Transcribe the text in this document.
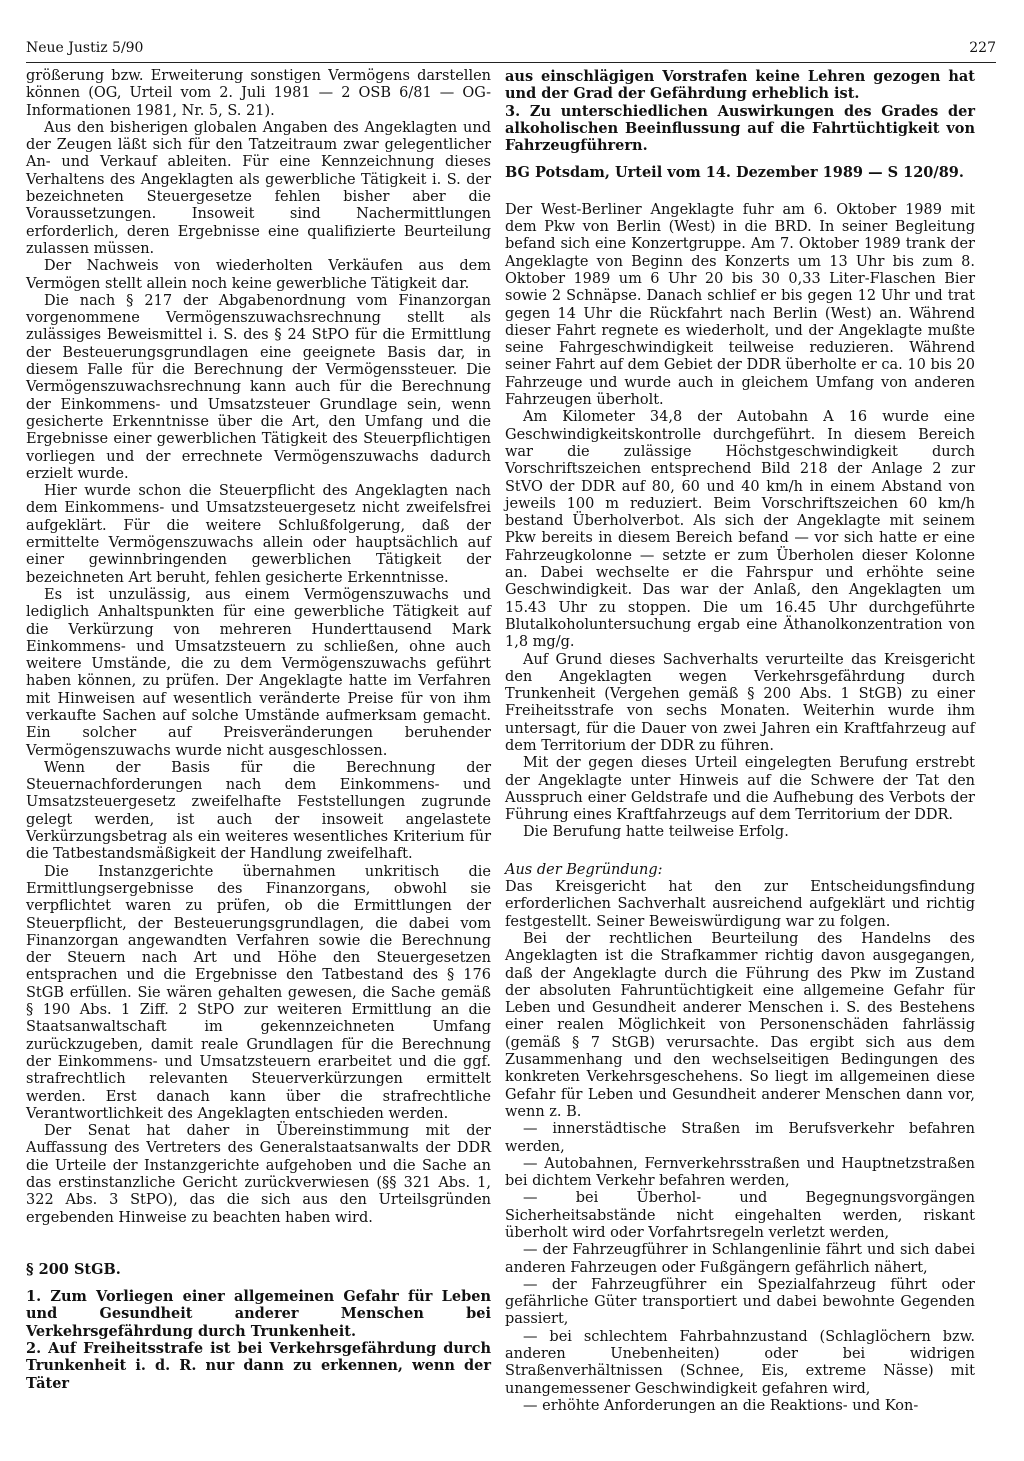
Neue Justiz 5/90	227

größerung bzw. Erweiterung sonstigen Vermögens darstellen können (OG, Urteil vom 2. Juli 1981 — 2 OSB 6/81 — OG-Informationen 1981, Nr. 5, S. 21).

Aus den bisherigen globalen Angaben des Angeklagten und der Zeugen läßt sich für den Tatzeitraum zwar gelegentlicher An- und Verkauf ableiten. Für eine Kennzeichnung dieses Verhaltens des Angeklagten als gewerbliche Tätigkeit i. S. der bezeichneten Steuergesetze fehlen bisher aber die Voraussetzungen. Insoweit sind Nachermittlungen erforderlich, deren Ergebnisse eine qualifizierte Beurteilung zulassen müssen.

Der Nachweis von wiederholten Verkäufen aus dem Vermögen stellt allein noch keine gewerbliche Tätigkeit dar.

Die nach § 217 der Abgabenordnung vom Finanzorgan vorgenommene Vermögenszuwachsrechnung stellt als zulässiges Beweismittel i. S. des § 24 StPO für die Ermittlung der Besteuerungsgrundlagen eine geeignete Basis dar, in diesem Falle für die Berechnung der Vermögenssteuer. Die Vermögenszuwachsrechnung kann auch für die Berechnung der Einkommens- und Umsatzsteuer Grundlage sein, wenn gesicherte Erkenntnisse über die Art, den Umfang und die Ergebnisse einer gewerblichen Tätigkeit des Steuerpflichtigen vorliegen und der errechnete Vermögenszuwachs dadurch erzielt wurde.

Hier wurde schon die Steuerpflicht des Angeklagten nach dem Einkommens- und Umsatzsteuergesetz nicht zweifelsfrei aufgeklärt. Für die weitere Schlußfolgerung, daß der ermittelte Vermögenszuwachs allein oder hauptsächlich auf einer gewinnbringenden gewerblichen Tätigkeit der bezeichneten Art beruht, fehlen gesicherte Erkenntnisse.

Es ist unzulässig, aus einem Vermögenszuwachs und lediglich Anhaltspunkten für eine gewerbliche Tätigkeit auf die Verkürzung von mehreren Hunderttausend Mark Einkommens- und Umsatzsteuern zu schließen, ohne auch weitere Umstände, die zu dem Vermögenszuwachs geführt haben können, zu prüfen. Der Angeklagte hatte im Verfahren mit Hinweisen auf wesentlich veränderte Preise für von ihm verkaufte Sachen auf solche Umstände aufmerksam gemacht. Ein solcher auf Preisveränderungen beruhender Vermögenszuwachs wurde nicht ausgeschlossen.

Wenn der Basis für die Berechnung der Steuernachforderungen nach dem Einkommens- und Umsatzsteuergesetz zweifelhafte Feststellungen zugrunde gelegt werden, ist auch der insoweit angelastete Verkürzungsbetrag als ein weiteres wesentliches Kriterium für die Tatbestandsmäßigkeit der Handlung zweifelhaft.

Die Instanzgerichte übernahmen unkritisch die Ermittlungsergebnisse des Finanzorgans, obwohl sie verpflichtet waren zu prüfen, ob die Ermittlungen der Steuerpflicht, der Besteuerungsgrundlagen, die dabei vom Finanzorgan angewandten Verfahren sowie die Berechnung der Steuern nach Art und Höhe den Steuergesetzen entsprachen und die Ergebnisse den Tatbestand des § 176 StGB erfüllen. Sie wären gehalten gewesen, die Sache gemäß § 190 Abs. 1 Ziff. 2 StPO zur weiteren Ermittlung an die Staatsanwaltschaft im gekennzeichneten Umfang zurückzugeben, damit reale Grundlagen für die Berechnung der Einkommens- und Umsatzsteuern erarbeitet und die ggf. strafrechtlich relevanten Steuerverkürzungen ermittelt werden. Erst danach kann über die strafrechtliche Verantwortlichkeit des Angeklagten entschieden werden.

Der Senat hat daher in Übereinstimmung mit der Auffassung des Vertreters des Generalstaatsanwalts der DDR die Urteile der Instanzgerichte aufgehoben und die Sache an das erstinstanzliche Gericht zurückverwiesen (§§ 321 Abs. 1, 322 Abs. 3 StPO), das die sich aus den Urteilsgründen ergebenden Hinweise zu beachten haben wird.

§ 200 StGB.

1. Zum Vorliegen einer allgemeinen Gefahr für Leben und Gesundheit anderer Menschen bei Verkehrsgefährdung durch Trunkenheit.

2. Auf Freiheitsstrafe ist bei Verkehrsgefährdung durch Trunkenheit i. d. R. nur dann zu erkennen, wenn der Täter

aus einschlägigen Vorstrafen keine Lehren gezogen hat und der Grad der Gefährdung erheblich ist.

3. Zu unterschiedlichen Auswirkungen des Grades der alkoholischen Beeinflussung auf die Fahrtüchtigkeit von Fahrzeugführern.

BG Potsdam, Urteil vom 14. Dezember 1989 — S 120/89.

Der West-Berliner Angeklagte fuhr am 6. Oktober 1989 mit dem Pkw von Berlin (West) in die BRD. In seiner Begleitung befand sich eine Konzertgruppe. Am 7. Oktober 1989 trank der Angeklagte von Beginn des Konzerts um 13 Uhr bis zum 8. Oktober 1989 um 6 Uhr 20 bis 30 0,33 Liter-Flaschen Bier sowie 2 Schnäpse. Danach schlief er bis gegen 12 Uhr und trat gegen 14 Uhr die Rückfahrt nach Berlin (West) an. Während dieser Fahrt regnete es wiederholt, und der Angeklagte mußte seine Fahrgeschwindigkeit teilweise reduzieren. Während seiner Fahrt auf dem Gebiet der DDR überholte er ca. 10 bis 20 Fahrzeuge und wurde auch in gleichem Umfang von anderen Fahrzeugen überholt.

Am Kilometer 34,8 der Autobahn A 16 wurde eine Geschwindigkeitskontrolle durchgeführt. In diesem Bereich war die zulässige Höchstgeschwindigkeit durch Vorschriftszeichen entsprechend Bild 218 der Anlage 2 zur StVO der DDR auf 80, 60 und 40 km/h in einem Abstand von jeweils 100 m reduziert. Beim Vorschriftszeichen 60 km/h bestand Überholverbot. Als sich der Angeklagte mit seinem Pkw bereits in diesem Bereich befand — vor sich hatte er eine Fahrzeugkolonne — setzte er zum Überholen dieser Kolonne an. Dabei wechselte er die Fahrspur und erhöhte seine Geschwindigkeit. Das war der Anlaß, den Angeklagten um 15.43 Uhr zu stoppen. Die um 16.45 Uhr durchgeführte Blutalkoholuntersuchung ergab eine Äthanolkonzentration von 1,8 mg/g.

Auf Grund dieses Sachverhalts verurteilte das Kreisgericht den Angeklagten wegen Verkehrsgefährdung durch Trunkenheit (Vergehen gemäß § 200 Abs. 1 StGB) zu einer Freiheitsstrafe von sechs Monaten. Weiterhin wurde ihm untersagt, für die Dauer von zwei Jahren ein Kraftfahrzeug auf dem Territorium der DDR zu führen.

Mit der gegen dieses Urteil eingelegten Berufung erstrebt der Angeklagte unter Hinweis auf die Schwere der Tat den Ausspruch einer Geldstrafe und die Aufhebung des Verbots der Führung eines Kraftfahrzeugs auf dem Territorium der DDR.

Die Berufung hatte teilweise Erfolg.

Aus der Begründung:

Das Kreisgericht hat den zur Entscheidungsfindung erforderlichen Sachverhalt ausreichend aufgeklärt und richtig festgestellt. Seiner Beweiswürdigung war zu folgen.

Bei der rechtlichen Beurteilung des Handelns des Angeklagten ist die Strafkammer richtig davon ausgegangen, daß der Angeklagte durch die Führung des Pkw im Zustand der absoluten Fahruntüchtigkeit eine allgemeine Gefahr für Leben und Gesundheit anderer Menschen i. S. des Bestehens einer realen Möglichkeit von Personenschäden fahrlässig (gemäß § 7 StGB) verursachte. Das ergibt sich aus dem Zusammenhang und den wechselseitigen Bedingungen des konkreten Verkehrsgeschehens. So liegt im allgemeinen diese Gefahr für Leben und Gesundheit anderer Menschen dann vor, wenn z. B.

— innerstädtische Straßen im Berufsverkehr befahren werden,

— Autobahnen, Fernverkehrsstraßen und Hauptnetzstraßen bei dichtem Verkehr befahren werden,

— bei Überhol- und Begegnungsvorgängen Sicherheitsabstände nicht eingehalten werden, riskant überholt wird oder Vorfahrtsregeln verletzt werden,

— der Fahrzeugführer in Schlangenlinie fährt und sich dabei anderen Fahrzeugen oder Fußgängern gefährlich nähert,

— der Fahrzeugführer ein Spezialfahrzeug führt oder gefährliche Güter transportiert und dabei bewohnte Gegenden passiert,

— bei schlechtem Fahrbahnzustand (Schlaglöchern bzw. anderen Unebenheiten) oder bei widrigen Straßenverhältnissen (Schnee, Eis, extreme Nässe) mit unangemessener Geschwindigkeit gefahren wird,

— erhöhte Anforderungen an die Reaktions- und Kon-
